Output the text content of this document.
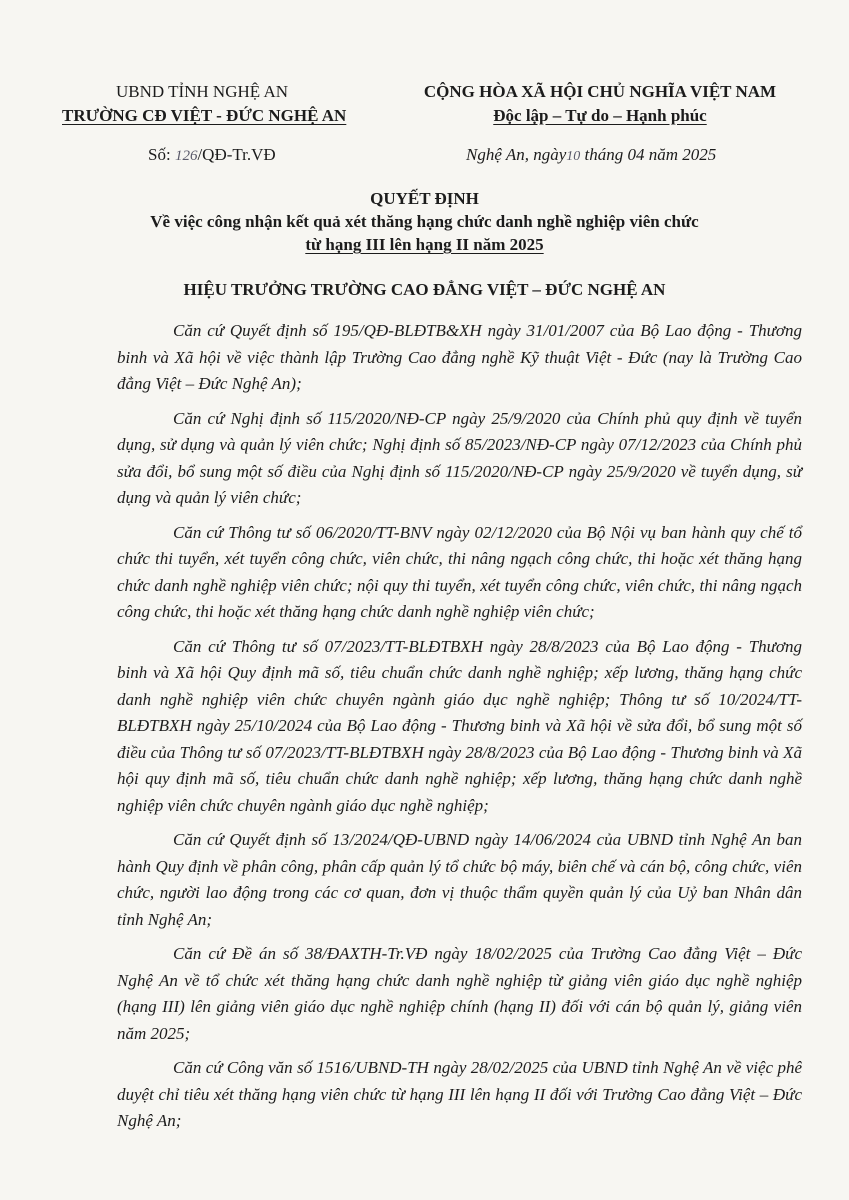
UBND TỈNH NGHỆ AN
TRƯỜNG CĐ VIỆT - ĐỨC NGHỆ AN
CỘNG HÒA XÃ HỘI CHỦ NGHĨA VIỆT NAM
Độc lập – Tự do – Hạnh phúc
Số: 126/QĐ-Tr.VĐ	Nghệ An, ngày10 tháng 04 năm 2025
QUYẾT ĐỊNH
Về việc công nhận kết quả xét thăng hạng chức danh nghề nghiệp viên chức
từ hạng III lên hạng II năm 2025
HIỆU TRƯỞNG TRƯỜNG CAO ĐẲNG VIỆT – ĐỨC NGHỆ AN

Căn cứ Quyết định số 195/QĐ-BLĐTB&XH ngày 31/01/2007 của Bộ Lao động - Thương binh và Xã hội về việc thành lập Trường Cao đẳng nghề Kỹ thuật Việt - Đức (nay là Trường Cao đẳng Việt – Đức Nghệ An);

Căn cứ Nghị định số 115/2020/NĐ-CP ngày 25/9/2020 của Chính phủ quy định về tuyển dụng, sử dụng và quản lý viên chức; Nghị định số 85/2023/NĐ-CP ngày 07/12/2023 của Chính phủ sửa đổi, bổ sung một số điều của Nghị định số 115/2020/NĐ-CP ngày 25/9/2020 về tuyển dụng, sử dụng và quản lý viên chức;

Căn cứ Thông tư số 06/2020/TT-BNV ngày 02/12/2020 của Bộ Nội vụ ban hành quy chế tổ chức thi tuyển, xét tuyển công chức, viên chức, thi nâng ngạch công chức, thi hoặc xét thăng hạng chức danh nghề nghiệp viên chức; nội quy thi tuyển, xét tuyển công chức, viên chức, thi nâng ngạch công chức, thi hoặc xét thăng hạng chức danh nghề nghiệp viên chức;

Căn cứ Thông tư số 07/2023/TT-BLĐTBXH ngày 28/8/2023 của Bộ Lao động - Thương binh và Xã hội Quy định mã số, tiêu chuẩn chức danh nghề nghiệp; xếp lương, thăng hạng chức danh nghề nghiệp viên chức chuyên ngành giáo dục nghề nghiệp; Thông tư số 10/2024/TT-BLĐTBXH ngày 25/10/2024 của Bộ Lao động - Thương binh và Xã hội về sửa đổi, bổ sung một số điều của Thông tư số 07/2023/TT-BLĐTBXH ngày 28/8/2023 của Bộ Lao động - Thương binh và Xã hội quy định mã số, tiêu chuẩn chức danh nghề nghiệp; xếp lương, thăng hạng chức danh nghề nghiệp viên chức chuyên ngành giáo dục nghề nghiệp;

Căn cứ Quyết định số 13/2024/QĐ-UBND ngày 14/06/2024 của UBND tỉnh Nghệ An ban hành Quy định về phân công, phân cấp quản lý tổ chức bộ máy, biên chế và cán bộ, công chức, viên chức, người lao động trong các cơ quan, đơn vị thuộc thẩm quyền quản lý của Uỷ ban Nhân dân tỉnh Nghệ An;

Căn cứ Đề án số 38/ĐAXTH-Tr.VĐ ngày 18/02/2025 của Trường Cao đẳng Việt – Đức Nghệ An về tổ chức xét thăng hạng chức danh nghề nghiệp từ giảng viên giáo dục nghề nghiệp (hạng III) lên giảng viên giáo dục nghề nghiệp chính (hạng II) đối với cán bộ quản lý, giảng viên năm 2025;

Căn cứ Công văn số 1516/UBND-TH ngày 28/02/2025 của UBND tỉnh Nghệ An về việc phê duyệt chỉ tiêu xét thăng hạng viên chức từ hạng III lên hạng II đối với Trường Cao đẳng Việt – Đức Nghệ An;
